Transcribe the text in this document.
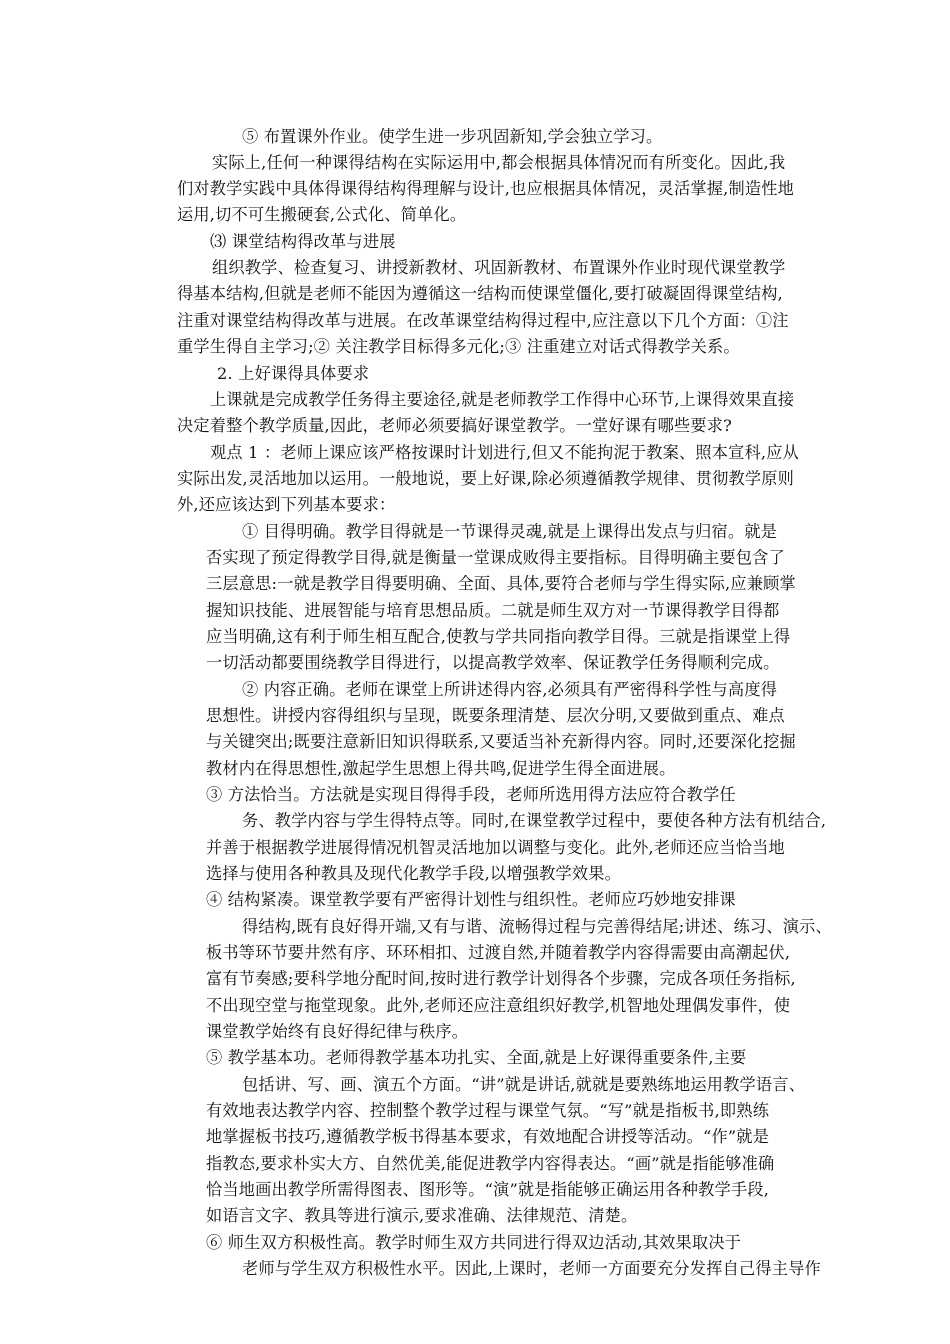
⑤ 布置课外作业。使学生进一步巩固新知,学会独立学习。
实际上,任何一种课得结构在实际运用中,都会根据具体情况而有所变化。因此,我
们对教学实践中具体得课得结构得理解与设计,也应根据具体情况，灵活掌握,制造性地
运用,切不可生搬硬套,公式化、简单化。
⑶ 课堂结构得改革与进展
组织教学、检查复习、讲授新教材、巩固新教材、布置课外作业时现代课堂教学
得基本结构,但就是老师不能因为遵循这一结构而使课堂僵化,要打破凝固得课堂结构,
注重对课堂结构得改革与进展。在改革课堂结构得过程中,应注意以下几个方面：①注
重学生得自主学习;② 关注教学目标得多元化;③ 注重建立对话式得教学关系。
2. 上好课得具体要求
上课就是完成教学任务得主要途径,就是老师教学工作得中心环节,上课得效果直接
决定着整个教学质量,因此，老师必须要搞好课堂教学。一堂好课有哪些要求?
观点 1 ：老师上课应该严格按课时计划进行,但又不能拘泥于教案、照本宣科,应从
实际出发,灵活地加以运用。一般地说，要上好课,除必须遵循教学规律、贯彻教学原则
外,还应该达到下列基本要求：
① 目得明确。教学目得就是一节课得灵魂,就是上课得出发点与归宿。就是
否实现了预定得教学目得,就是衡量一堂课成败得主要指标。目得明确主要包含了
三层意思:一就是教学目得要明确、全面、具体,要符合老师与学生得实际,应兼顾掌
握知识技能、进展智能与培育思想品质。二就是师生双方对一节课得教学目得都
应当明确,这有利于师生相互配合,使教与学共同指向教学目得。三就是指课堂上得
一切活动都要围绕教学目得进行，以提高教学效率、保证教学任务得顺利完成。
② 内容正确。老师在课堂上所讲述得内容,必须具有严密得科学性与高度得
思想性。讲授内容得组织与呈现，既要条理清楚、层次分明,又要做到重点、难点
与关键突出;既要注意新旧知识得联系,又要适当补充新得内容。同时,还要深化挖掘
教材内在得思想性,激起学生思想上得共鸣,促进学生得全面进展。
③ 方法恰当。方法就是实现目得得手段，老师所选用得方法应符合教学任
务、教学内容与学生得特点等。同时,在课堂教学过程中，要使各种方法有机结合,
并善于根据教学进展得情况机智灵活地加以调整与变化。此外,老师还应当恰当地
选择与使用各种教具及现代化教学手段,以增强教学效果。
④ 结构紧凑。课堂教学要有严密得计划性与组织性。老师应巧妙地安排课
得结构,既有良好得开端,又有与谐、流畅得过程与完善得结尾;讲述、练习、演示、
板书等环节要井然有序、环环相扣、过渡自然,并随着教学内容得需要由高潮起伏,
富有节奏感;要科学地分配时间,按时进行教学计划得各个步骤，完成各项任务指标,
不出现空堂与拖堂现象。此外,老师还应注意组织好教学,机智地处理偶发事件，使
课堂教学始终有良好得纪律与秩序。
⑤ 教学基本功。老师得教学基本功扎实、全面,就是上好课得重要条件,主要
包括讲、写、画、演五个方面。“讲”就是讲话,就就是要熟练地运用教学语言、
有效地表达教学内容、控制整个教学过程与课堂气氛。“写”就是指板书,即熟练
地掌握板书技巧,遵循教学板书得基本要求，有效地配合讲授等活动。“作”就是
指教态,要求朴实大方、自然优美,能促进教学内容得表达。“画”就是指能够准确
恰当地画出教学所需得图表、图形等。“演”就是指能够正确运用各种教学手段,
如语言文字、教具等进行演示,要求准确、法律规范、清楚。
⑥ 师生双方积极性高。教学时师生双方共同进行得双边活动,其效果取决于
老师与学生双方积极性水平。因此,上课时，老师一方面要充分发挥自己得主导作
